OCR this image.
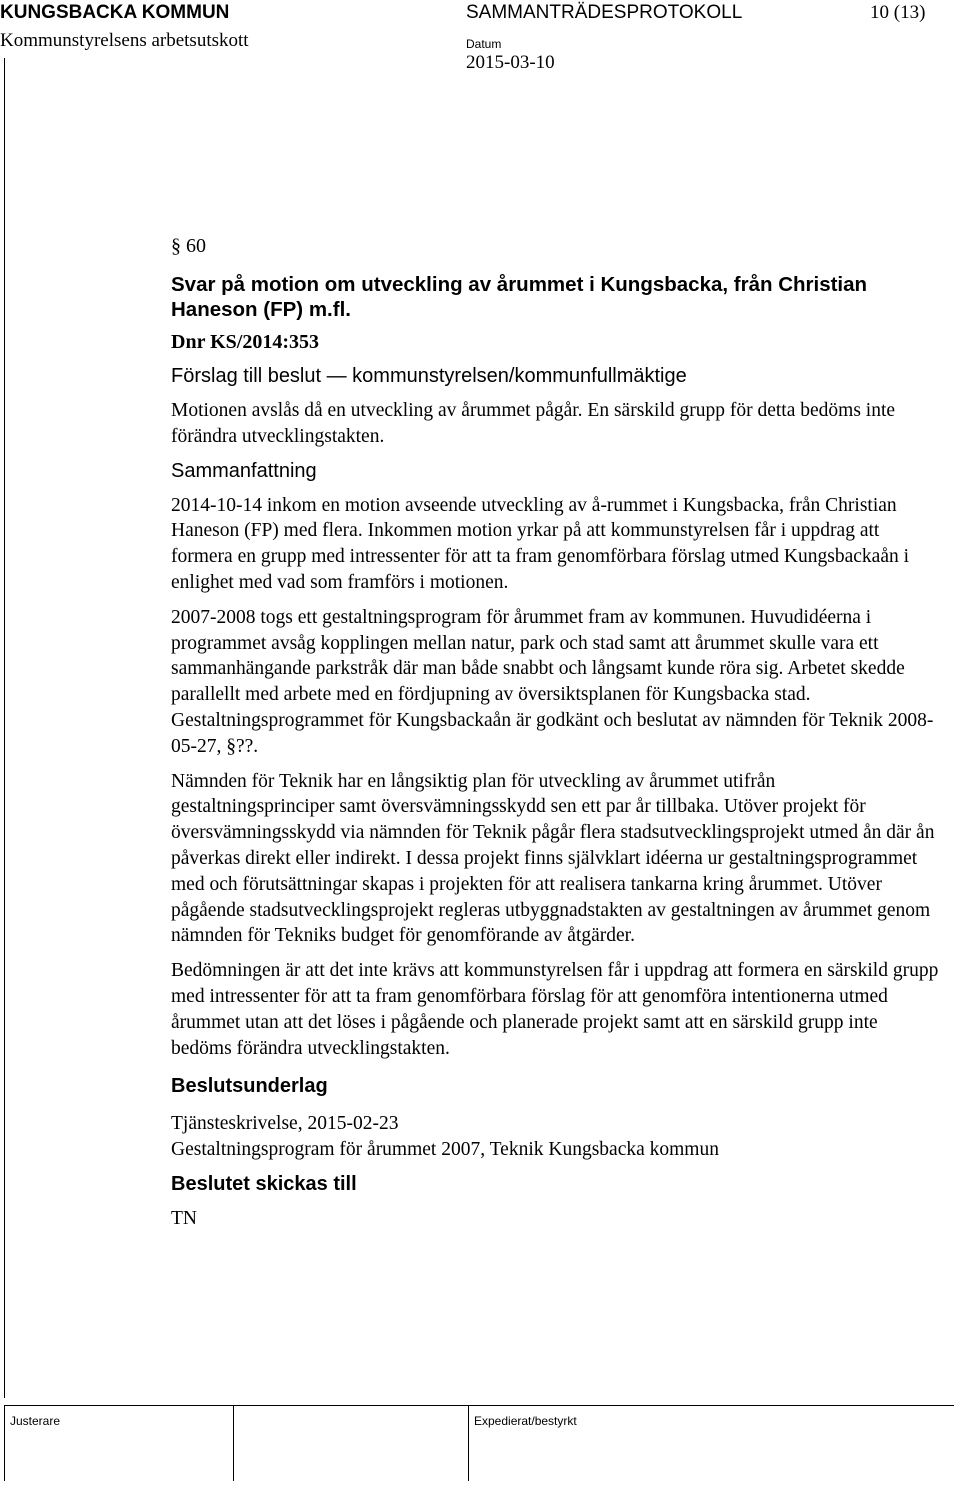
KUNGSBACKA KOMMUN
Kommunstyrelsens arbetsutskott
SAMMANTRÄDESPROTOKOLL	10 (13)
Datum
2015-03-10

§ 60

Svar på motion om utveckling av årummet i Kungsbacka, från Christian Haneson (FP) m.fl.

Dnr KS/2014:353

Förslag till beslut — kommunstyrelsen/kommunfullmäktige

Motionen avslås då en utveckling av årummet pågår. En särskild grupp för detta bedöms inte förändra utvecklingstakten.

Sammanfattning

2014-10-14 inkom en motion avseende utveckling av å-rummet i Kungsbacka, från Christian Haneson (FP) med flera. Inkommen motion yrkar på att kommunstyrelsen får i uppdrag att formera en grupp med intressenter för att ta fram genomförbara förslag utmed Kungsbackaån i enlighet med vad som framförs i motionen.

2007-2008 togs ett gestaltningsprogram för årummet fram av kommunen. Huvudidéerna i programmet avsåg kopplingen mellan natur, park och stad samt att årummet skulle vara ett sammanhängande parkstråk där man både snabbt och långsamt kunde röra sig. Arbetet skedde parallellt med arbete med en fördjupning av översiktsplanen för Kungsbacka stad. Gestaltningsprogrammet för Kungsbackaån är godkänt och beslutat av nämnden för Teknik 2008-05-27, §??.

Nämnden för Teknik har en långsiktig plan för utveckling av årummet utifrån gestaltningsprinciper samt översvämningsskydd sen ett par år tillbaka. Utöver projekt för översvämningsskydd via nämnden för Teknik pågår flera stadsutvecklingsprojekt utmed ån där ån påverkas direkt eller indirekt. I dessa projekt finns självklart idéerna ur gestaltningsprogrammet med och förutsättningar skapas i projekten för att realisera tankarna kring årummet. Utöver pågående stadsutvecklingsprojekt regleras utbyggnadstakten av gestaltningen av årummet genom nämnden för Tekniks budget för genomförande av åtgärder.

Bedömningen är att det inte krävs att kommunstyrelsen får i uppdrag att formera en särskild grupp med intressenter för att ta fram genomförbara förslag för att genomföra intentionerna utmed årummet utan att det löses i pågående och planerade projekt samt att en särskild grupp inte bedöms förändra utvecklingstakten.

Beslutsunderlag

Tjänsteskrivelse, 2015-02-23

Gestaltningsprogram för årummet 2007, Teknik Kungsbacka kommun

Beslutet skickas till

TN

Justerare	Expedierat/bestyrkt
